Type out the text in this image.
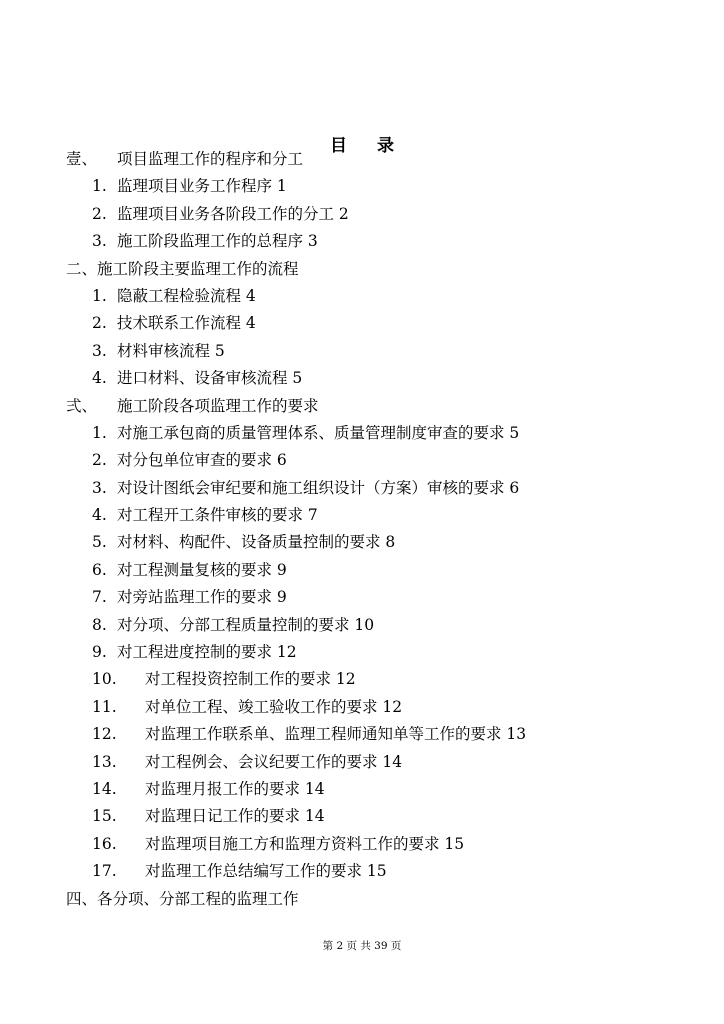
目 录
壹、 项目监理工作的程序和分工
1. 监理项目业务工作程序 1
2. 监理项目业务各阶段工作的分工 2
3. 施工阶段监理工作的总程序 3
二、施工阶段主要监理工作的流程
1. 隐蔽工程检验流程 4
2. 技术联系工作流程 4
3. 材料审核流程 5
4. 进口材料、设备审核流程 5
弍、 施工阶段各项监理工作的要求
1. 对施工承包商的质量管理体系、质量管理制度审查的要求 5
2. 对分包单位审查的要求 6
3. 对设计图纸会审纪要和施工组织设计（方案）审核的要求 6
4. 对工程开工条件审核的要求 7
5. 对材料、构配件、设备质量控制的要求 8
6. 对工程测量复核的要求 9
7. 对旁站监理工作的要求 9
8. 对分项、分部工程质量控制的要求 10
9. 对工程进度控制的要求 12
10. 对工程投资控制工作的要求 12
11. 对单位工程、竣工验收工作的要求 12
12. 对监理工作联系单、监理工程师通知单等工作的要求 13
13. 对工程例会、会议纪要工作的要求 14
14. 对监理月报工作的要求 14
15. 对监理日记工作的要求 14
16. 对监理项目施工方和监理方资料工作的要求 15
17. 对监理工作总结编写工作的要求 15
四、各分项、分部工程的监理工作
第 2 页 共 39 页
